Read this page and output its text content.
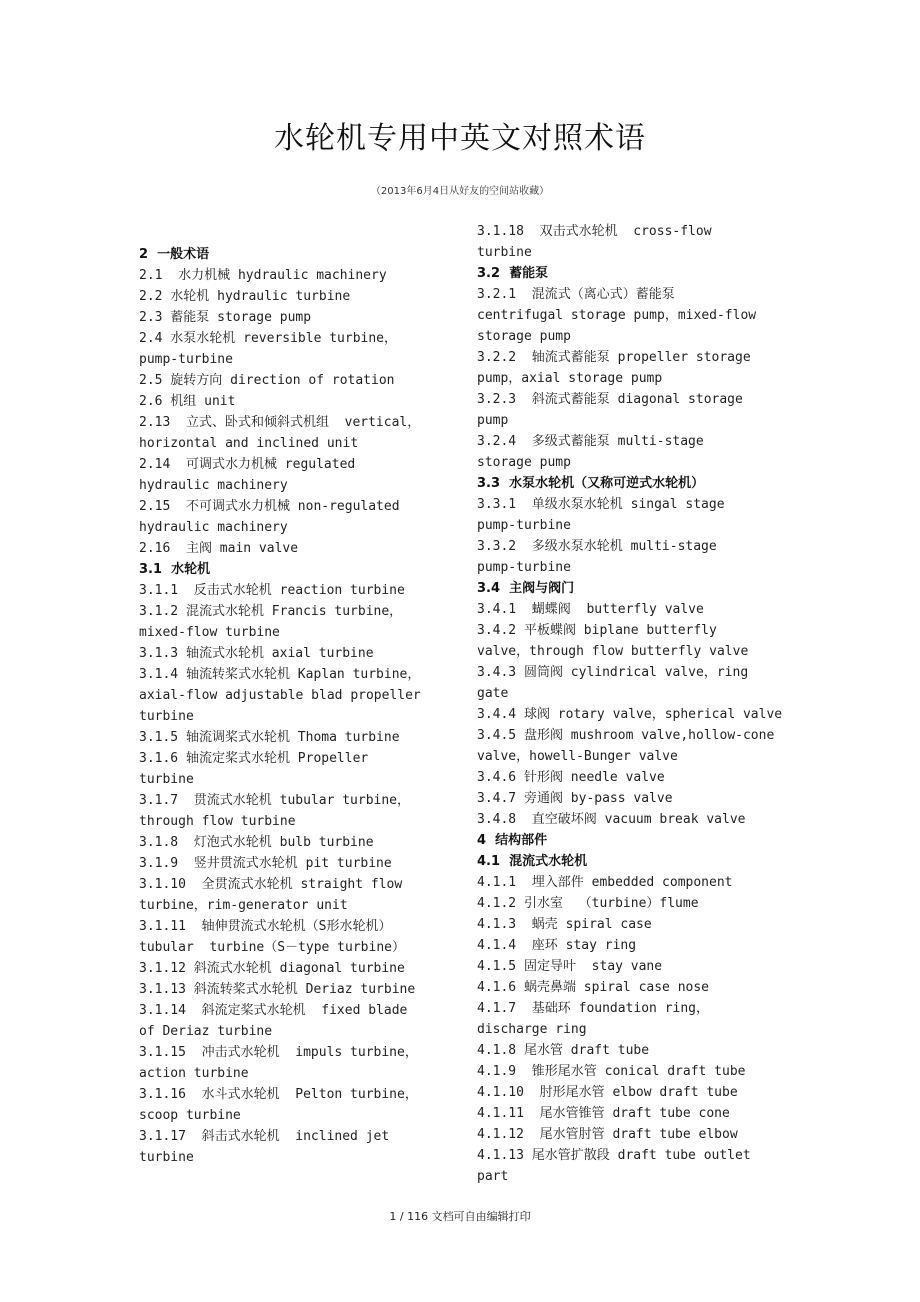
水轮机专用中英文对照术语
（2013年6月4日从好友的空间站收藏）
2  一般术语
2.1  水力机械 hydraulic machinery
2.2 水轮机 hydraulic turbine
2.3 蓄能泵 storage pump
2.4 水泵水轮机 reversible turbine，
pump-turbine
2.5 旋转方向 direction of rotation
2.6 机组 unit
2.13  立式、卧式和倾斜式机组  vertical，
horizontal and inclined unit
2.14  可调式水力机械 regulated
hydraulic machinery
2.15  不可调式水力机械 non-regulated
hydraulic machinery
2.16  主阀 main valve
3.1  水轮机
3.1.1  反击式水轮机 reaction turbine
3.1.2 混流式水轮机 Francis turbine，
mixed-flow turbine
3.1.3 轴流式水轮机 axial turbine
3.1.4 轴流转桨式水轮机 Kaplan turbine，
axial-flow adjustable blad propeller
turbine
3.1.5 轴流调桨式水轮机 Thoma turbine
3.1.6 轴流定桨式水轮机 Propeller
turbine
3.1.7  贯流式水轮机 tubular turbine，
through flow turbine
3.1.8  灯泡式水轮机 bulb turbine
3.1.9  竖井贯流式水轮机 pit turbine
3.1.10  全贯流式水轮机 straight flow
turbine，rim-generator unit
3.1.11  轴伸贯流式水轮机（S形水轮机）
tubular  turbine（S－type turbine）
3.1.12 斜流式水轮机 diagonal turbine
3.1.13 斜流转桨式水轮机 Deriaz turbine
3.1.14  斜流定桨式水轮机  fixed blade
of Deriaz turbine
3.1.15  冲击式水轮机  impuls turbine，
action turbine
3.1.16  水斗式水轮机  Pelton turbine，
scoop turbine
3.1.17  斜击式水轮机  inclined jet
turbine
3.1.18  双击式水轮机  cross-flow
turbine
3.2  蓄能泵
3.2.1  混流式（离心式）蓄能泵
centrifugal storage pump，mixed-flow
storage pump
3.2.2  轴流式蓄能泵 propeller storage
pump，axial storage pump
3.2.3  斜流式蓄能泵 diagonal storage
pump
3.2.4  多级式蓄能泵 multi-stage
storage pump
3.3  水泵水轮机（又称可逆式水轮机）
3.3.1  单级水泵水轮机 singal stage
pump-turbine
3.3.2  多级水泵水轮机 multi-stage
pump-turbine
3.4  主阀与阀门
3.4.1  蝴蝶阀  butterfly valve
3.4.2 平板蝶阀 biplane butterfly
valve，through flow butterfly valve
3.4.3 圆筒阀 cylindrical valve，ring
gate
3.4.4 球阀 rotary valve，spherical valve
3.4.5 盘形阀 mushroom valve,hollow-cone
valve，howell-Bunger valve
3.4.6 针形阀 needle valve
3.4.7 旁通阀 by-pass valve
3.4.8  直空破坏阀 vacuum break valve
4  结构部件
4.1  混流式水轮机
4.1.1  埋入部件 embedded component
4.1.2 引水室  （turbine）flume
4.1.3  蜗壳 spiral case
4.1.4  座环 stay ring
4.1.5 固定导叶  stay vane
4.1.6 蜗壳鼻端 spiral case nose
4.1.7  基础环 foundation ring，
discharge ring
4.1.8 尾水管 draft tube
4.1.9  锥形尾水管 conical draft tube
4.1.10  肘形尾水管 elbow draft tube
4.1.11  尾水管锥管 draft tube cone
4.1.12  尾水管肘管 draft tube elbow
4.1.13 尾水管扩散段 draft tube outlet
part
1 / 116 文档可自由编辑打印
